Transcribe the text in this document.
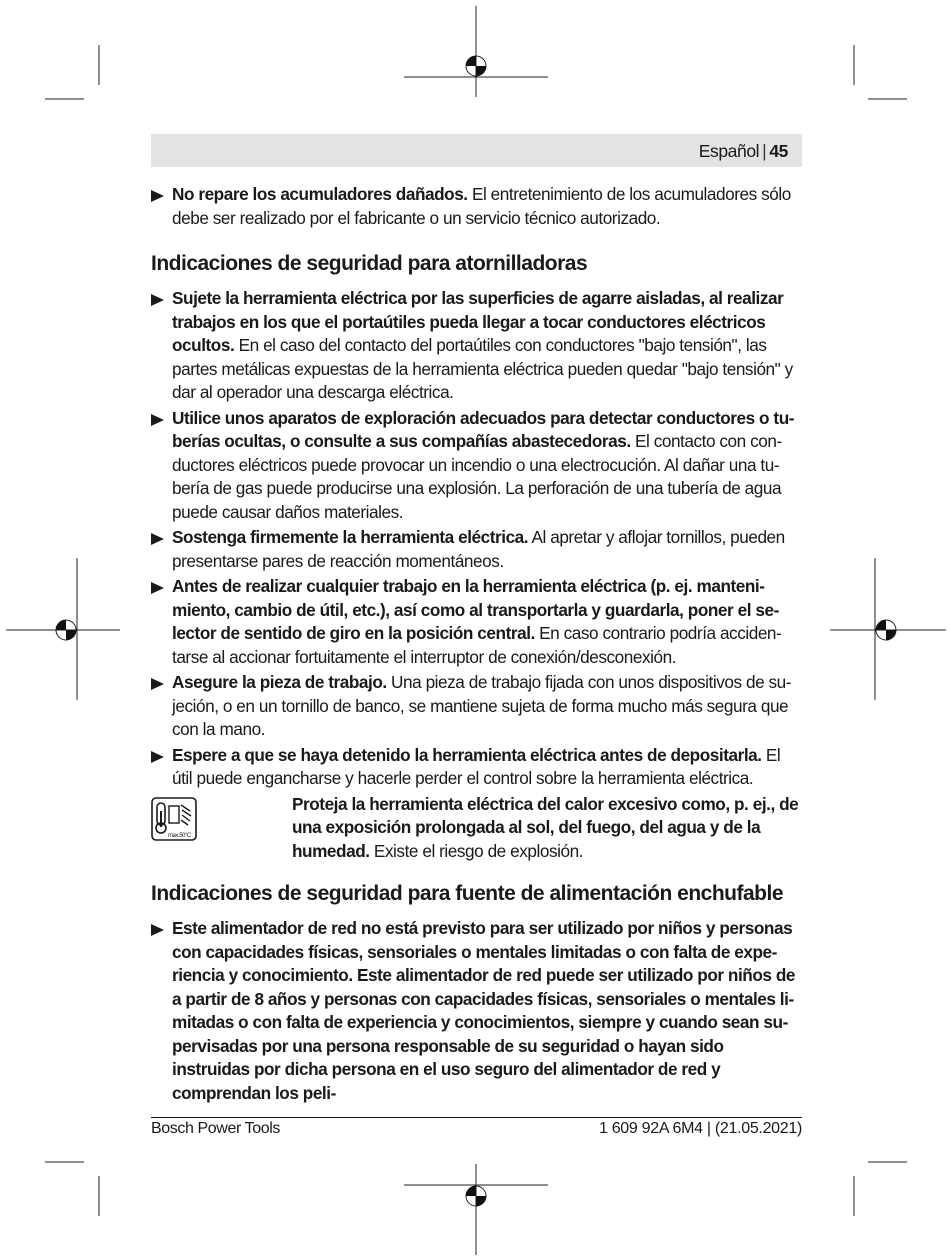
Español | 45
No repare los acumuladores dañados. El entretenimiento de los acumuladores sólo debe ser realizado por el fabricante o un servicio técnico autorizado.
Indicaciones de seguridad para atornilladoras
Sujete la herramienta eléctrica por las superficies de agarre aisladas, al realizar trabajos en los que el portaútiles pueda llegar a tocar conductores eléctricos ocultos. En el caso del contacto del portaútiles con conductores "bajo tensión", las partes metálicas expuestas de la herramienta eléctrica pueden quedar "bajo tensión" y dar al operador una descarga eléctrica.
Utilice unos aparatos de exploración adecuados para detectar conductores o tuberías ocultas, o consulte a sus compañías abastecedoras. El contacto con conductores eléctricos puede provocar un incendio o una electrocución. Al dañar una tubería de gas puede producirse una explosión. La perforación de una tubería de agua puede causar daños materiales.
Sostenga firmemente la herramienta eléctrica. Al apretar y aflojar tornillos, pueden presentarse pares de reacción momentáneos.
Antes de realizar cualquier trabajo en la herramienta eléctrica (p. ej. mantenimiento, cambio de útil, etc.), así como al transportarla y guardarla, poner el selector de sentido de giro en la posición central. En caso contrario podría accidentarse al accionar fortuitamente el interruptor de conexión/desconexión.
Asegure la pieza de trabajo. Una pieza de trabajo fijada con unos dispositivos de sujeción, o en un tornillo de banco, se mantiene sujeta de forma mucho más segura que con la mano.
Espere a que se haya detenido la herramienta eléctrica antes de depositarla. El útil puede engancharse y hacerle perder el control sobre la herramienta eléctrica.
max.50°C
Proteja la herramienta eléctrica del calor excesivo como, p. ej., de una exposición prolongada al sol, del fuego, del agua y de la humedad. Existe el riesgo de explosión.
Indicaciones de seguridad para fuente de alimentación enchufable
Este alimentador de red no está previsto para ser utilizado por niños y personas con capacidades físicas, sensoriales o mentales limitadas o con falta de experiencia y conocimiento. Este alimentador de red puede ser utilizado por niños de a partir de 8 años y personas con capacidades físicas, sensoriales o mentales limitadas o con falta de experiencia y conocimientos, siempre y cuando sean supervisadas por una persona responsable de su seguridad o hayan sido instruidas por dicha persona en el uso seguro del alimentador de red y comprendan los peli-
Bosch Power Tools	1 609 92A 6M4 | (21.05.2021)
